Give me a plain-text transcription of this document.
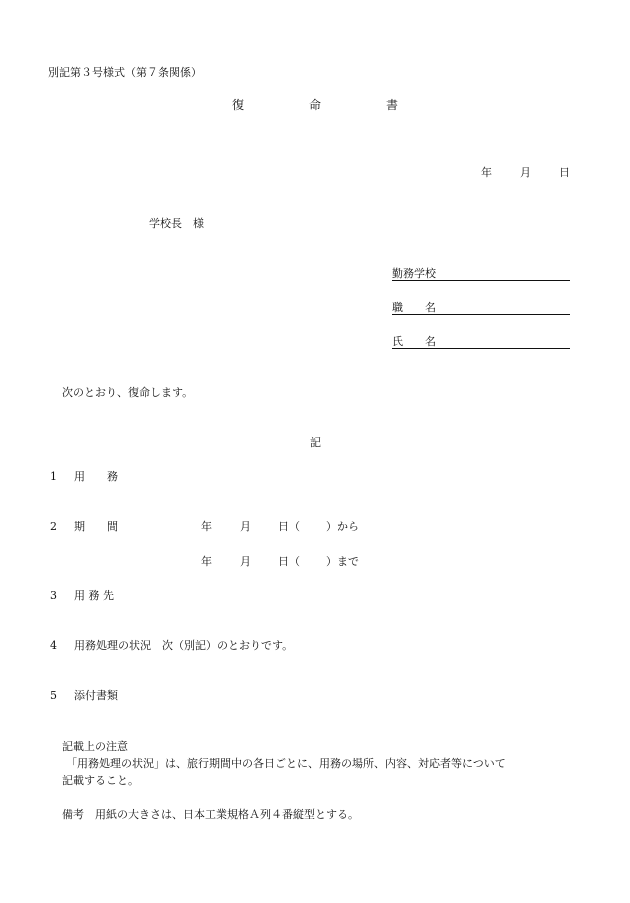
別記第３号様式（第７条関係）
復	命	書
年	月	日
学校長　様
勤務学校
職　　名
氏　　名
次のとおり、復命します。
記
1 用　　務
2 期　　間	年	月 日（ ）から
年	月 日（ ）まで
3 用 務 先
4 用務処理の状況　次（別記）のとおりです。
5 添付書類
記載上の注意
「用務処理の状況」は、旅行期間中の各日ごとに、用務の場所、内容、対応者等について
記載すること。
備考　用紙の大きさは、日本工業規格Ａ列４番縦型とする。
